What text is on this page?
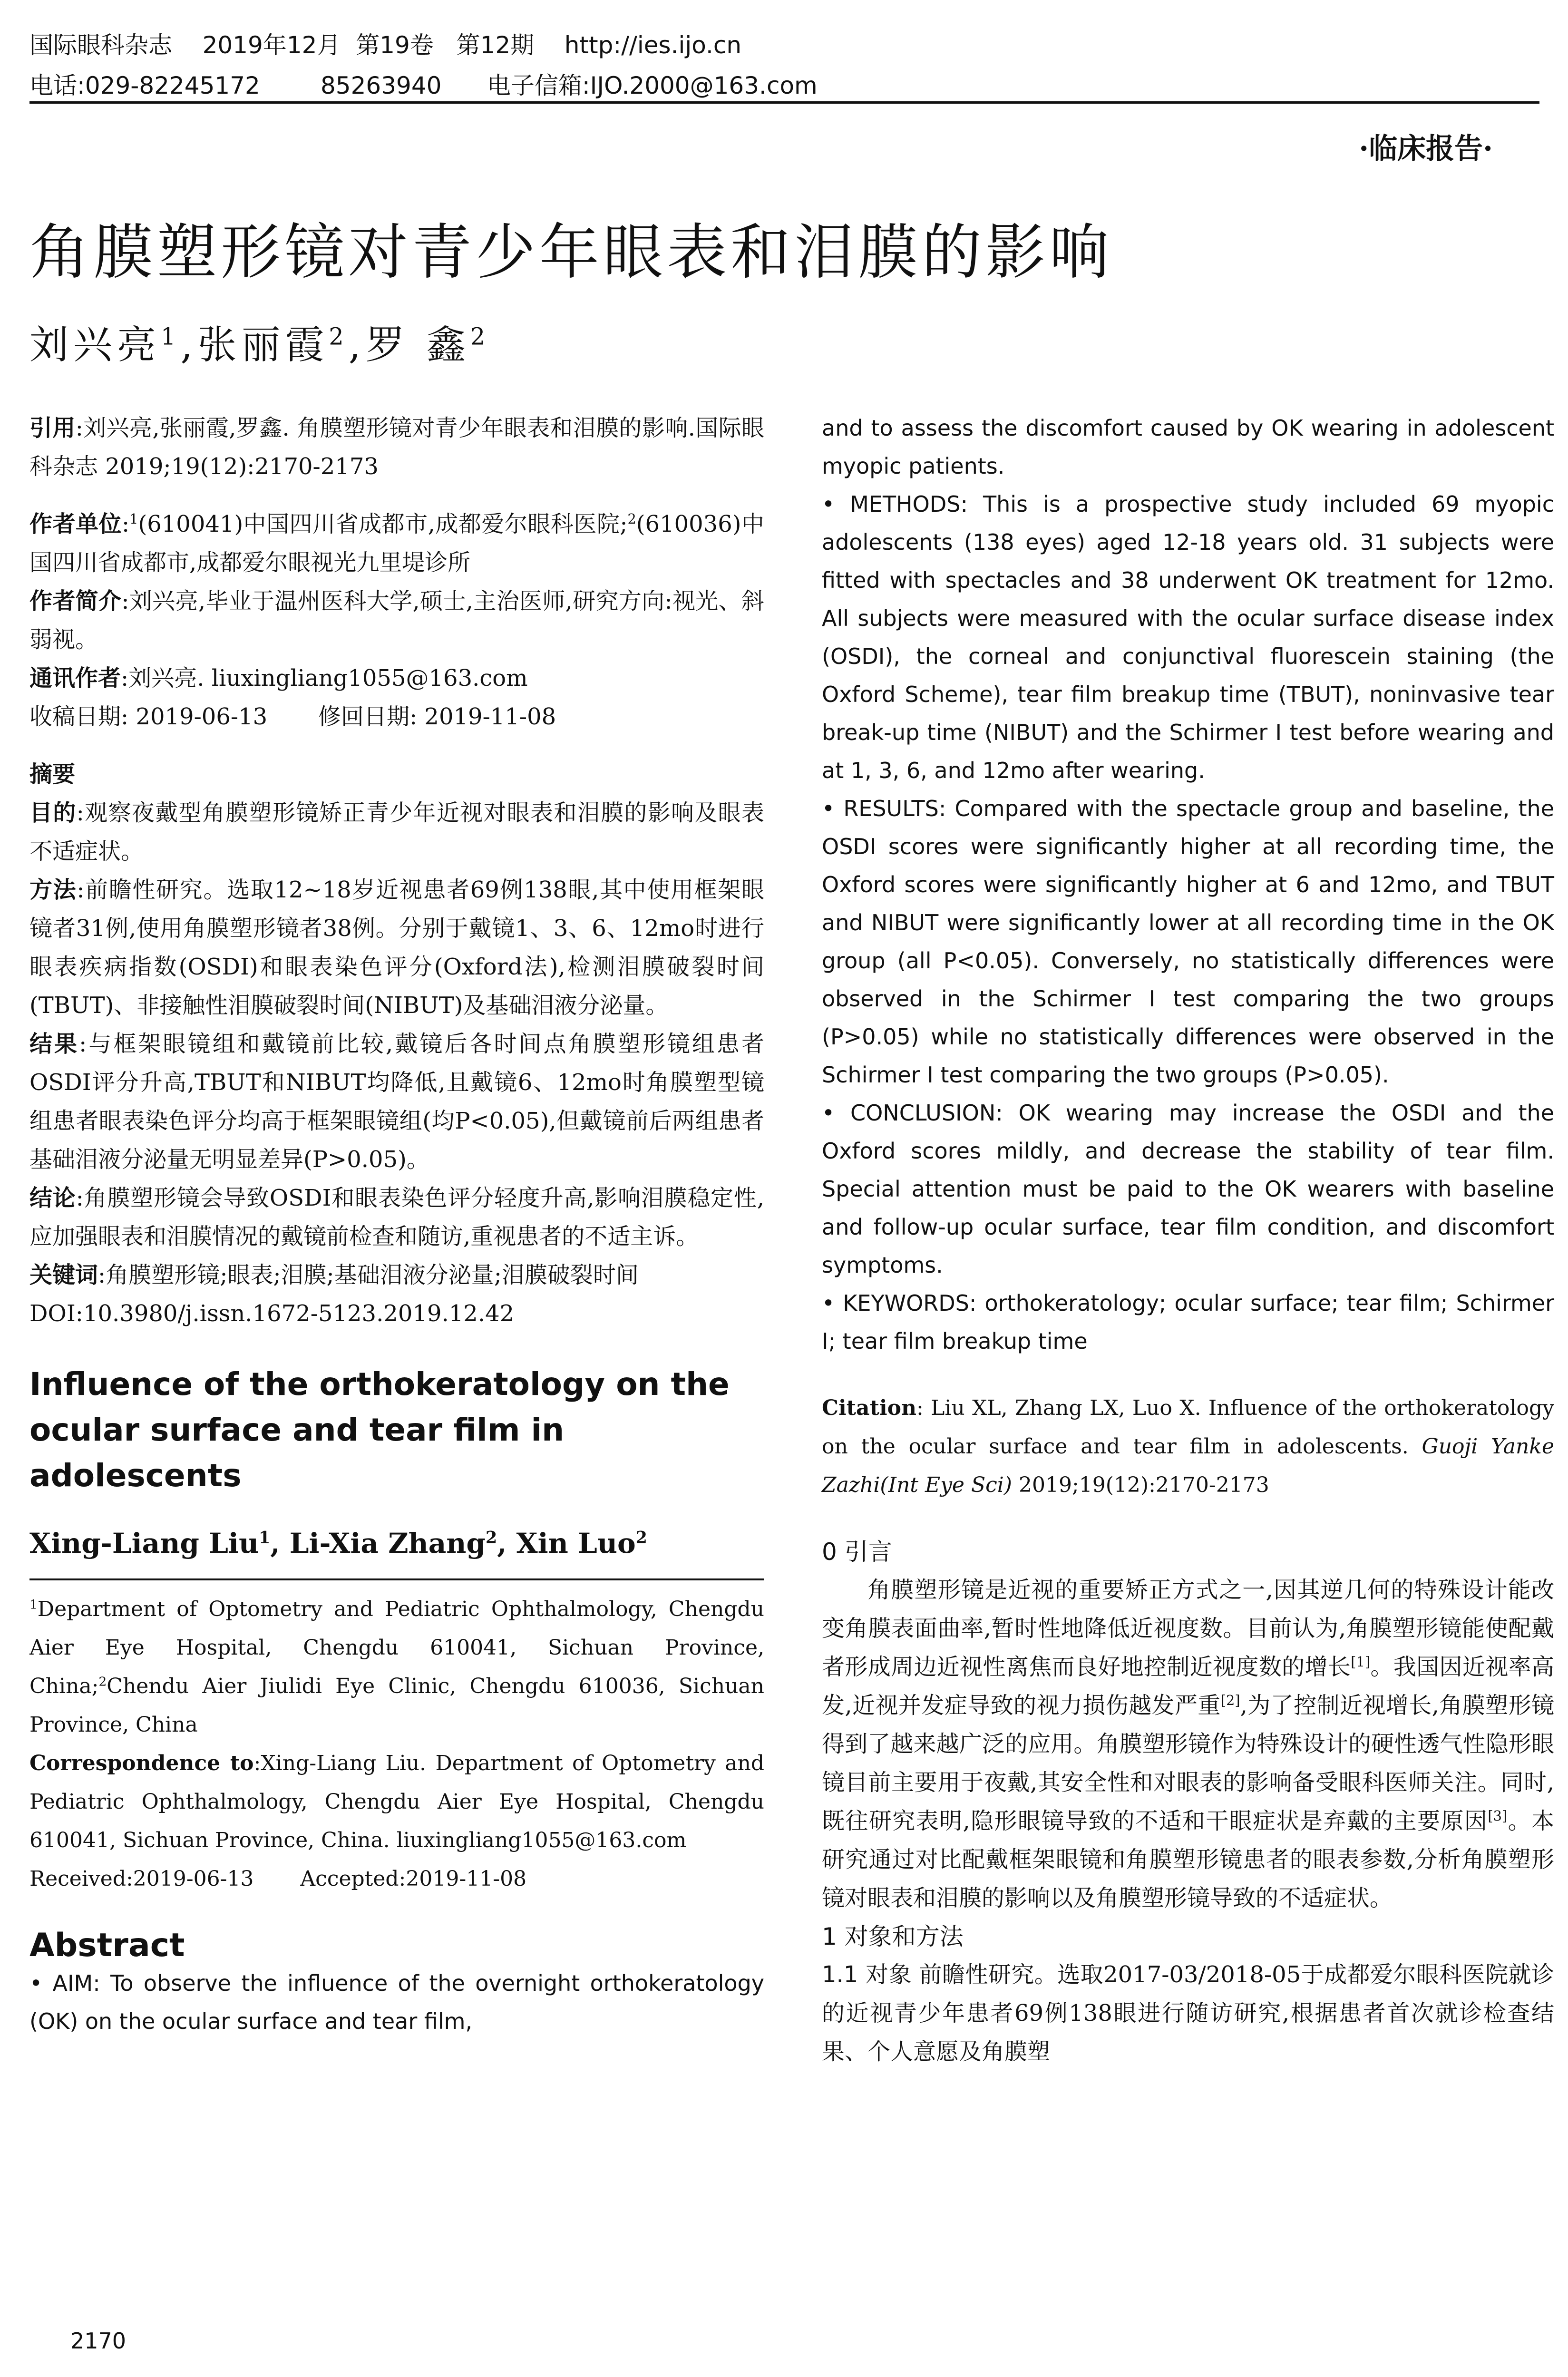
国际眼科杂志    2019年12月  第19卷   第12期    http://ies.ijo.cn
电话:029-82245172        85263940      电子信箱:IJO.2000@163.com
·临床报告·
角膜塑形镜对青少年眼表和泪膜的影响
刘兴亮$^1$,张丽霞$^2$,罗 鑫$^2$

引用:刘兴亮,张丽霞,罗鑫. 角膜塑形镜对青少年眼表和泪膜的影响.国际眼科杂志 2019;19(12):2170-2173

作者单位:$^1$(610041)中国四川省成都市,成都爱尔眼科医院;$^2$(610036)中国四川省成都市,成都爱尔眼视光九里堤诊所

作者简介:刘兴亮,毕业于温州医科大学,硕士,主治医师,研究方向:视光、斜弱视。

通讯作者:刘兴亮. liuxingliang1055@163.com

收稿日期: 2019-06-13       修回日期: 2019-11-08

摘要

目的:观察夜戴型角膜塑形镜矫正青少年近视对眼表和泪膜的影响及眼表不适症状。

方法:前瞻性研究。选取12~18岁近视患者69例138眼,其中使用框架眼镜者31例,使用角膜塑形镜者38例。分别于戴镜1、3、6、12mo时进行眼表疾病指数(OSDI)和眼表染色评分(Oxford法),检测泪膜破裂时间(TBUT)、非接触性泪膜破裂时间(NIBUT)及基础泪液分泌量。

结果:与框架眼镜组和戴镜前比较,戴镜后各时间点角膜塑形镜组患者OSDI评分升高,TBUT和NIBUT均降低,且戴镜6、12mo时角膜塑型镜组患者眼表染色评分均高于框架眼镜组(均P<0.05),但戴镜前后两组患者基础泪液分泌量无明显差异(P>0.05)。

结论:角膜塑形镜会导致OSDI和眼表染色评分轻度升高,影响泪膜稳定性,应加强眼表和泪膜情况的戴镜前检查和随访,重视患者的不适主诉。

关键词:角膜塑形镜;眼表;泪膜;基础泪液分泌量;泪膜破裂时间

DOI:10.3980/j.issn.1672-5123.2019.12.42

Influence of the orthokeratology on the ocular surface and tear film in adolescents

Xing-Liang Liu$^1$, Li-Xia Zhang$^2$, Xin Luo$^2$

$^1$Department of Optometry and Pediatric Ophthalmology, Chengdu Aier Eye Hospital, Chengdu 610041, Sichuan Province, China;$^2$Chendu Aier Jiulidi Eye Clinic, Chengdu 610036, Sichuan Province, China

Correspondence to:Xing-Liang Liu. Department of Optometry and Pediatric Ophthalmology, Chengdu Aier Eye Hospital, Chengdu 610041, Sichuan Province, China. liuxingliang1055@163.com

Received:2019-06-13       Accepted:2019-11-08

Abstract

• AIM: To observe the influence of the overnight orthokeratology (OK) on the ocular surface and tear film,

and to assess the discomfort caused by OK wearing in adolescent myopic patients.

• METHODS: This is a prospective study included 69 myopic adolescents (138 eyes) aged 12-18 years old. 31 subjects were fitted with spectacles and 38 underwent OK treatment for 12mo. All subjects were measured with the ocular surface disease index (OSDI), the corneal and conjunctival fluorescein staining (the Oxford Scheme), tear film breakup time (TBUT), noninvasive tear break-up time (NIBUT) and the Schirmer I test before wearing and at 1, 3, 6, and 12mo after wearing.

• RESULTS: Compared with the spectacle group and baseline, the OSDI scores were significantly higher at all recording time, the Oxford scores were significantly higher at 6 and 12mo, and TBUT and NIBUT were significantly lower at all recording time in the OK group (all P<0.05). Conversely, no statistically differences were observed in the Schirmer I test comparing the two groups (P>0.05) while no statistically differences were observed in the Schirmer I test comparing the two groups (P>0.05).

• CONCLUSION: OK wearing may increase the OSDI and the Oxford scores mildly, and decrease the stability of tear film. Special attention must be paid to the OK wearers with baseline and follow-up ocular surface, tear film condition, and discomfort symptoms.

• KEYWORDS: orthokeratology; ocular surface; tear film; Schirmer I; tear film breakup time

Citation: Liu XL, Zhang LX, Luo X. Influence of the orthokeratology on the ocular surface and tear film in adolescents. Guoji Yanke Zazhi(Int Eye Sci) 2019;19(12):2170-2173

0 引言

角膜塑形镜是近视的重要矫正方式之一,因其逆几何的特殊设计能改变角膜表面曲率,暂时性地降低近视度数。目前认为,角膜塑形镜能使配戴者形成周边近视性离焦而良好地控制近视度数的增长[1]。我国因近视率高发,近视并发症导致的视力损伤越发严重[2],为了控制近视增长,角膜塑形镜得到了越来越广泛的应用。角膜塑形镜作为特殊设计的硬性透气性隐形眼镜目前主要用于夜戴,其安全性和对眼表的影响备受眼科医师关注。同时,既往研究表明,隐形眼镜导致的不适和干眼症状是弃戴的主要原因[3]。本研究通过对比配戴框架眼镜和角膜塑形镜患者的眼表参数,分析角膜塑形镜对眼表和泪膜的影响以及角膜塑形镜导致的不适症状。

1 对象和方法

1.1 对象 前瞻性研究。选取2017-03/2018-05于成都爱尔眼科医院就诊的近视青少年患者69例138眼进行随访研究,根据患者首次就诊检查结果、个人意愿及角膜塑

2170
